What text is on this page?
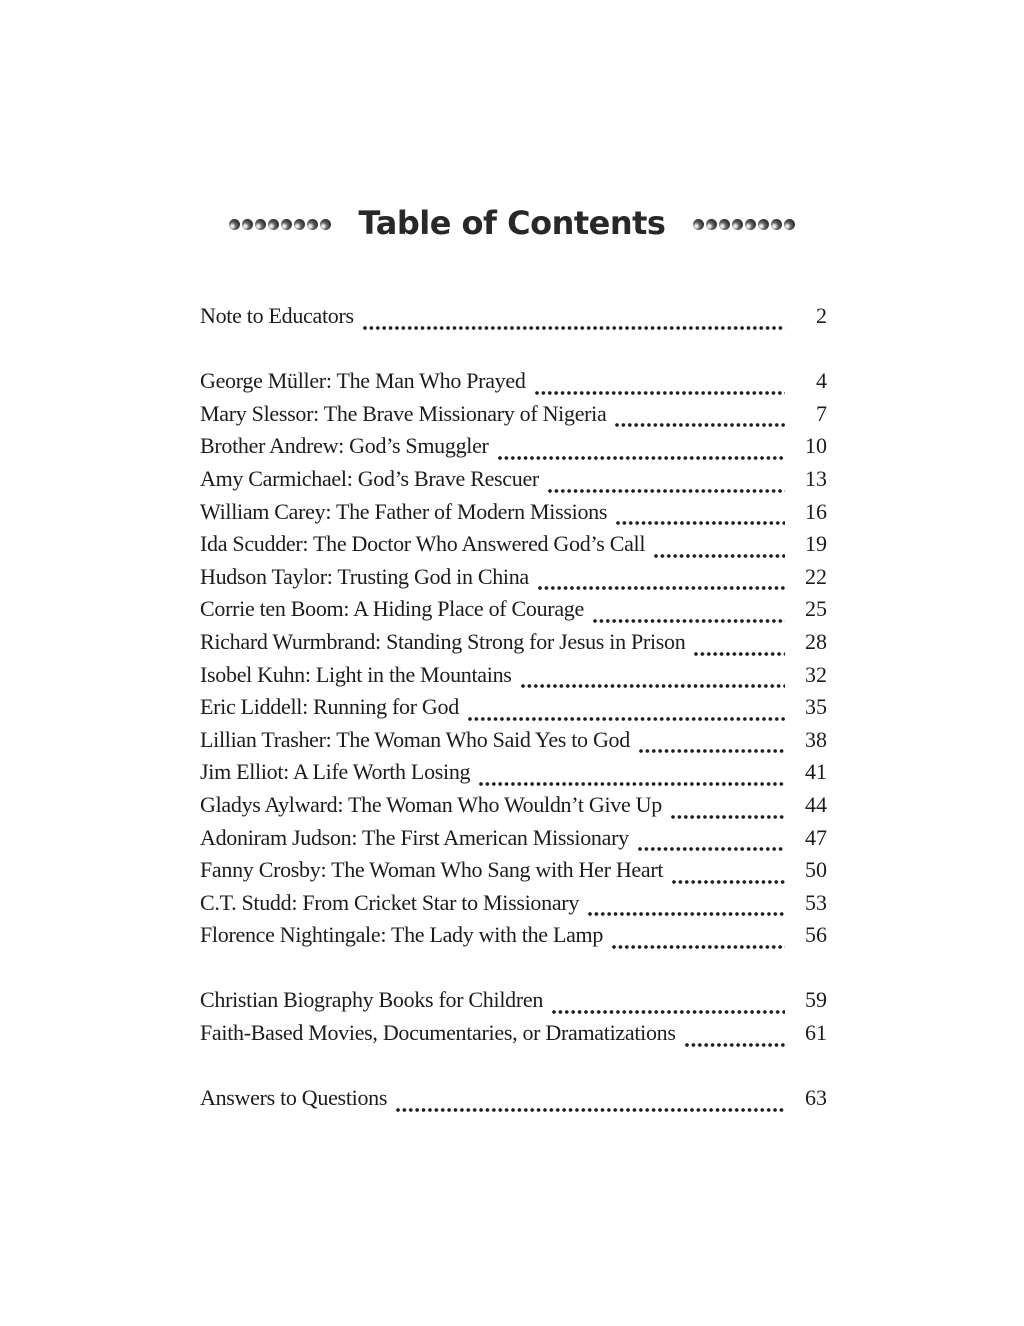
Table of Contents
Note to Educators	2
George Müller: The Man Who Prayed	4
Mary Slessor: The Brave Missionary of Nigeria	7
Brother Andrew: God’s Smuggler	10
Amy Carmichael: God’s Brave Rescuer	13
William Carey: The Father of Modern Missions	16
Ida Scudder: The Doctor Who Answered God’s Call	19
Hudson Taylor: Trusting God in China	22
Corrie ten Boom: A Hiding Place of Courage	25
Richard Wurmbrand: Standing Strong for Jesus in Prison	28
Isobel Kuhn: Light in the Mountains	32
Eric Liddell: Running for God	35
Lillian Trasher: The Woman Who Said Yes to God	38
Jim Elliot: A Life Worth Losing	41
Gladys Aylward: The Woman Who Wouldn’t Give Up	44
Adoniram Judson: The First American Missionary	47
Fanny Crosby: The Woman Who Sang with Her Heart	50
C.T. Studd: From Cricket Star to Missionary	53
Florence Nightingale: The Lady with the Lamp	56
Christian Biography Books for Children	59
Faith-Based Movies, Documentaries, or Dramatizations	61
Answers to Questions	63
